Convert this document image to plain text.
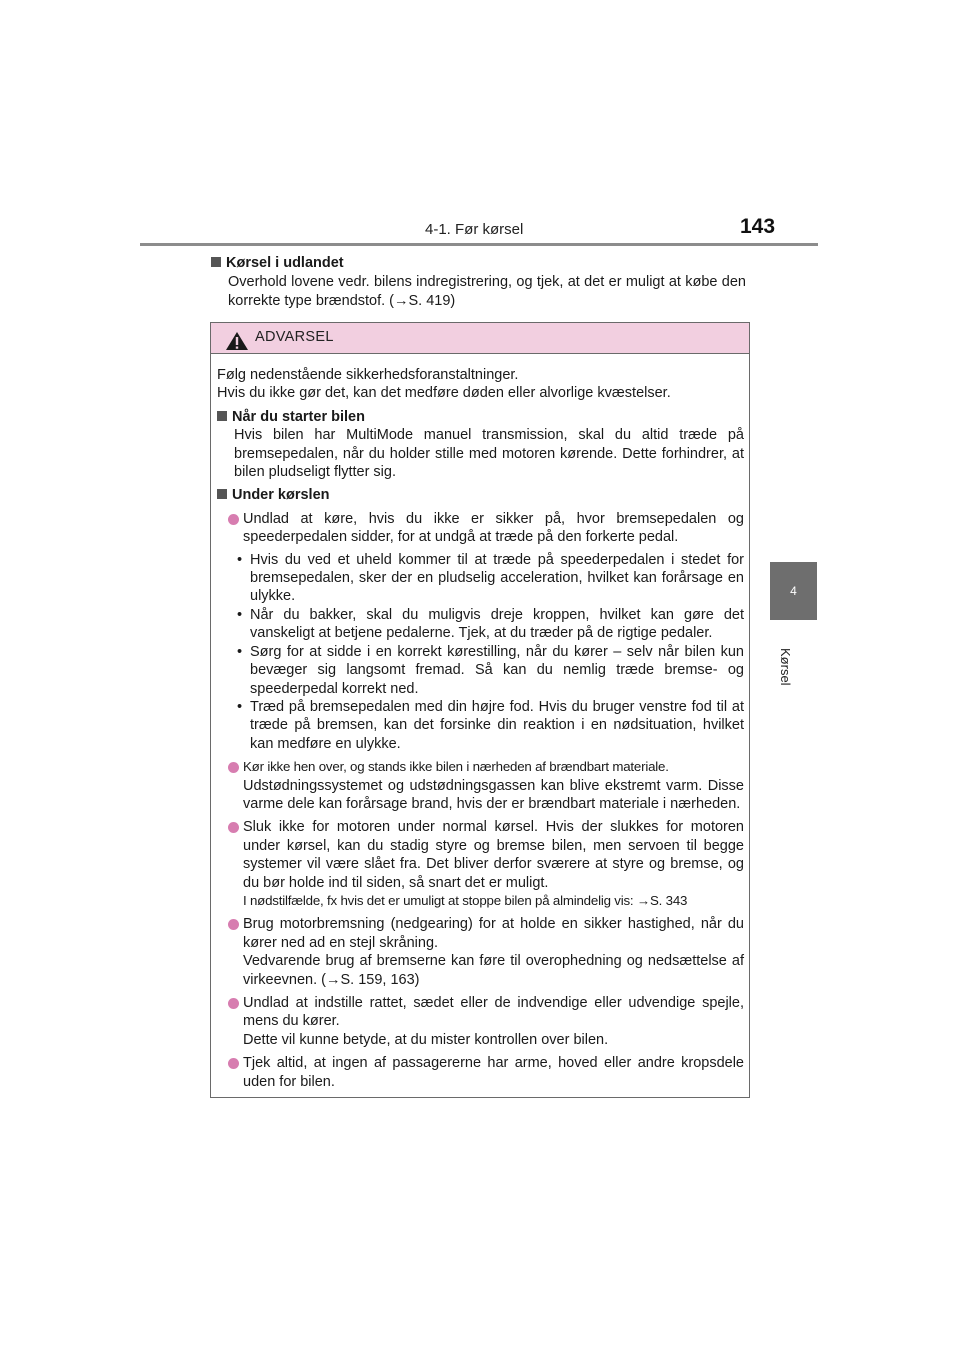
4-1. Før kørsel	143
4
Kørsel
Kørsel i udlandet
Overhold lovene vedr. bilens indregistrering, og tjek, at det er muligt at købe den korrekte type brændstof. (→S. 419)
ADVARSEL

Følg nedenstående sikkerhedsforanstaltninger.

Hvis du ikke gør det, kan det medføre døden eller alvorlige kvæstelser.

Når du starter bilen
Hvis bilen har MultiMode manuel transmission, skal du altid træde på bremsepedalen, når du holder stille med motoren kørende. Dette forhindrer, at bilen pludseligt flytter sig.
Under kørslen
Undlad at køre, hvis du ikke er sikker på, hvor bremsepedalen og speederpedalen sidder, for at undgå at træde på den forkerte pedal.
• Hvis du ved et uheld kommer til at træde på speederpedalen i stedet for bremsepedalen, sker der en pludselig acceleration, hvilket kan forårsage en ulykke.
• Når du bakker, skal du muligvis dreje kroppen, hvilket kan gøre det vanskeligt at betjene pedalerne. Tjek, at du træder på de rigtige pedaler.
• Sørg for at sidde i en korrekt kørestilling, når du kører – selv når bilen kun bevæger sig langsomt fremad. Så kan du nemlig træde bremse- og speederpedal korrekt ned.
• Træd på bremsepedalen med din højre fod. Hvis du bruger venstre fod til at træde på bremsen, kan det forsinke din reaktion i en nødsituation, hvilket kan medføre en ulykke.
Kør ikke hen over, og stands ikke bilen i nærheden af brændbart materiale.
Udstødningssystemet og udstødningsgassen kan blive ekstremt varm. Disse varme dele kan forårsage brand, hvis der er brændbart materiale i nærheden.
Sluk ikke for motoren under normal kørsel. Hvis der slukkes for motoren under kørsel, kan du stadig styre og bremse bilen, men servoen til begge systemer vil være slået fra. Det bliver derfor sværere at styre og bremse, og du bør holde ind til siden, så snart det er muligt.
I nødstilfælde, fx hvis det er umuligt at stoppe bilen på almindelig vis: →S. 343
Brug motorbremsning (nedgearing) for at holde en sikker hastighed, når du kører ned ad en stejl skråning.
Vedvarende brug af bremserne kan føre til overophedning og nedsættelse af virkeevnen. (→S. 159, 163)
Undlad at indstille rattet, sædet eller de indvendige eller udvendige spejle, mens du kører.
Dette vil kunne betyde, at du mister kontrollen over bilen.
Tjek altid, at ingen af passagererne har arme, hoved eller andre kropsdele uden for bilen.
